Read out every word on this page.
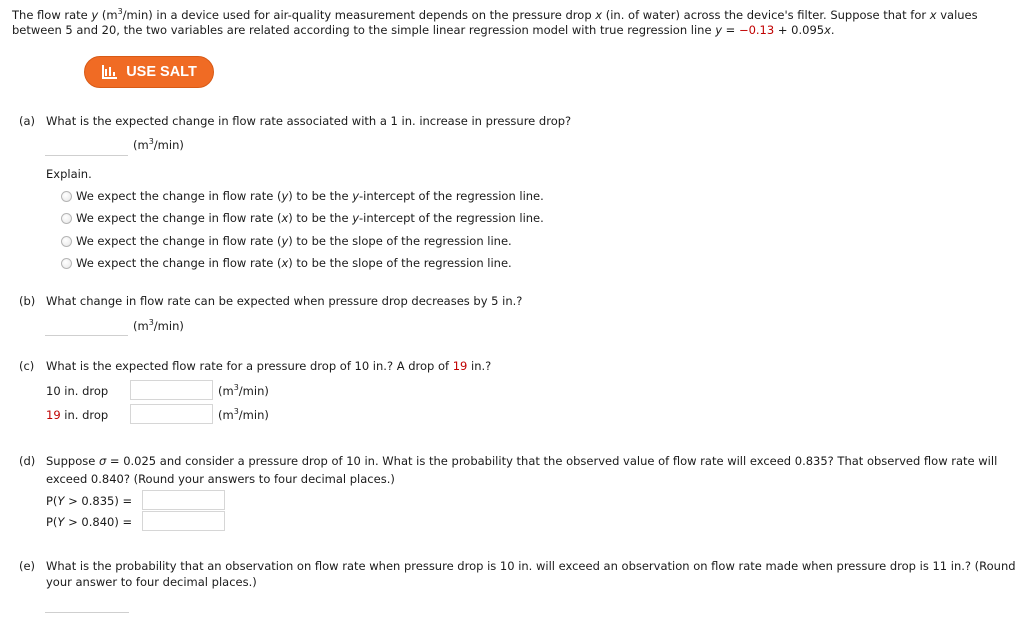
The flow rate y $(m^3/\min)$ in a device used for air-quality measurement depends on the pressure drop x (in. of water) across the device's filter. Suppose that for x values
between 5 and 20, the two variables are related according to the simple linear regression model with true regression line y = −0.13 + 0.095x.
USE SALT
(a) What is the expected change in flow rate associated with a 1 in. increase in pressure drop?
$(m^3/\min)$
Explain.
We expect the change in flow rate (y) to be the y-intercept of the regression line.
We expect the change in flow rate (x) to be the y-intercept of the regression line.
We expect the change in flow rate (y) to be the slope of the regression line.
We expect the change in flow rate (x) to be the slope of the regression line.
(b) What change in flow rate can be expected when pressure drop decreases by 5 in.?
$(m^3/\min)$
(c) What is the expected flow rate for a pressure drop of 10 in.? A drop of 19 in.?
10 in. drop	$(m^3/\min)$
19 in. drop	$(m^3/\min)$
(d) Suppose σ = 0.025 and consider a pressure drop of 10 in. What is the probability that the observed value of flow rate will exceed 0.835? That observed flow rate will
exceed 0.840? (Round your answers to four decimal places.)
P(Y > 0.835) =
P(Y > 0.840) =
(e) What is the probability that an observation on flow rate when pressure drop is 10 in. will exceed an observation on flow rate made when pressure drop is 11 in.? (Round
your answer to four decimal places.)
